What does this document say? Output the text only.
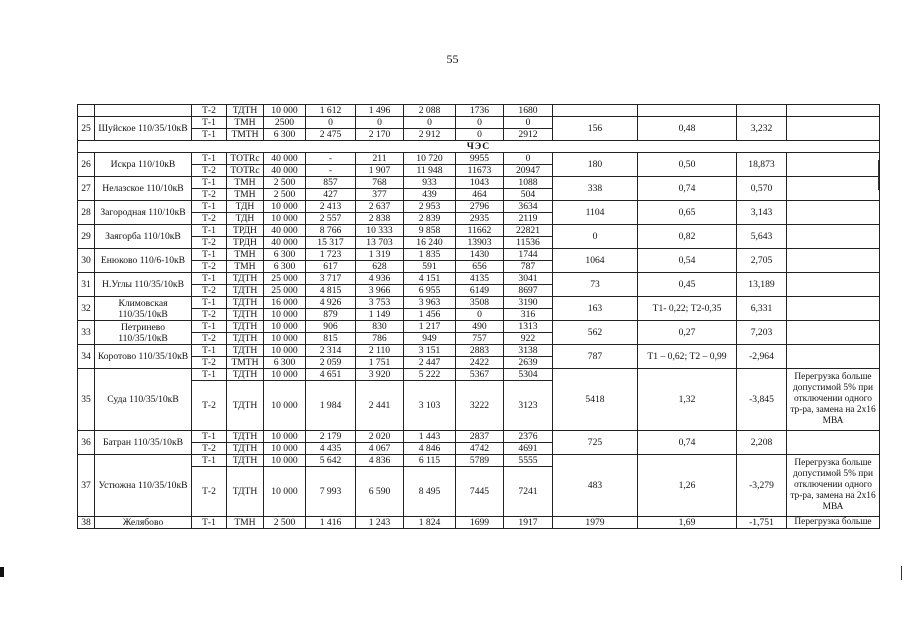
55
		Т-2	ТДТН	10 000	1 612	1 496	2 088	1736	1680				
25	Шуйское 110/35/10кВ	Т-1	ТМН	2500	0	0	0	0	0	156	0,48	3,232	
		Т-1	ТМТН	6 300	2 475	2 170	2 912	0	2912				
ЧЭС													
26	Искра 110/10кВ	Т-1	ТОТRс	40 000	-	211	10 720	9955	0	180	0,50	18,873	
		Т-2	ТОТRс	40 000	-	1 907	11 948	11673	20947				
27	Нелазское 110/10кВ	Т-1	ТМН	2 500	857	768	933	1043	1088	338	0,74	0,570	
		Т-2	ТМН	2 500	427	377	439	464	504				
28	Загородная 110/10кВ	Т-1	ТДН	10 000	2 413	2 637	2 953	2796	3634	1104	0,65	3,143	
		Т-2	ТДН	10 000	2 557	2 838	2 839	2935	2119				
29	Заягорба 110/10кВ	Т-1	ТРДН	40 000	8 766	10 333	9 858	11662	22821	0	0,82	5,643	
		Т-2	ТРДН	40 000	15 317	13 703	16 240	13903	11536				
30	Енюково 110/6-10кВ	Т-1	ТМН	6 300	1 723	1 319	1 835	1430	1744	1064	0,54	2,705	
		Т-2	ТМН	6 300	617	628	591	656	787				
31	Н.Углы 110/35/10кВ	Т-1	ТДТН	25 000	3 717	4 936	4 151	4135	3041	73	0,45	13,189	
		Т-2	ТДТН	25 000	4 815	3 966	6 955	6149	8697				
32	Климовская 110/35/10кВ	Т-1	ТДТН	16 000	4 926	3 753	3 963	3508	3190	163	Т1- 0,22; Т2-0,35	6,331	
		Т-2	ТДТН	10 000	879	1 149	1 456	0	316				
33	Петринево 110/35/10кВ	Т-1	ТДТН	10 000	906	830	1 217	490	1313	562	0,27	7,203	
		Т-2	ТДТН	10 000	815	786	949	757	922				
34	Коротово 110/35/10кВ	Т-1	ТДТН	10 000	2 314	2 110	3 151	2883	3138	787	Т1 – 0,62; Т2 – 0,99	-2,964	
		Т-2	ТМТН	6 300	2 059	1 751	2 447	2422	2639				
35	Суда 110/35/10кВ	Т-1	ТДТН	10 000	4 651	3 920	5 222	5367	5304	5418	1,32	-3,845	Перегрузка больше допустимой 5% при отключении одного тр-ра, замена на 2х16 МВА
		Т-2	ТДТН	10 000	1 984	2 441	3 103	3222	3123				
36	Батран 110/35/10кВ	Т-1	ТДТН	10 000	2 179	2 020	1 443	2837	2376	725	0,74	2,208	
		Т-2	ТДТН	10 000	4 435	4 067	4 846	4742	4691				
37	Устюжна 110/35/10кВ	Т-1	ТДТН	10 000	5 642	4 836	6 115	5789	5555	483	1,26	-3,279	Перегрузка больше допустимой 5% при отключении одного тр-ра, замена на 2х16 МВА
		Т-2	ТДТН	10 000	7 993	6 590	8 495	7445	7241				
38	Желябово	Т-1	ТМН	2 500	1 416	1 243	1 824	1699	1917	1979	1,69	-1,751	Перегрузка больше
